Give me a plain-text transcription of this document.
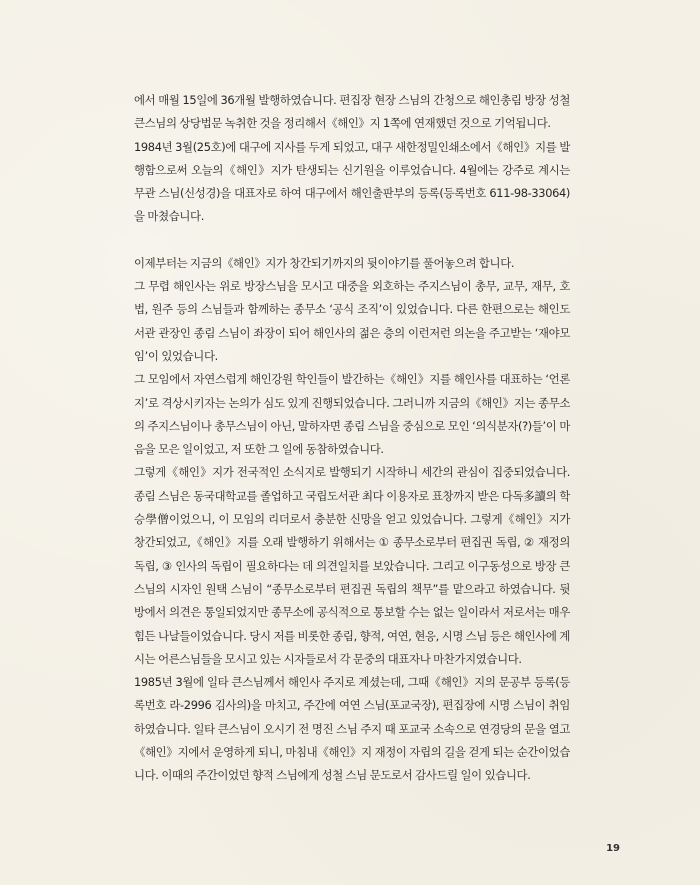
에서 매월 15일에 36개월 발행하였습니다. 편집장 현장 스님의 간청으로 해인총림 방장 성철 큰스님의 상당법문 녹취한 것을 정리해서《해인》지 1쪽에 연재했던 것으로 기억됩니다.

1984년 3월(25호)에 대구에 지사를 두게 되었고, 대구 새한정밀인쇄소에서《해인》지를 발행함으로써 오늘의《해인》지가 탄생되는 신기원을 이루었습니다. 4월에는 강주로 계시는 무관 스님(신성경)을 대표자로 하여 대구에서 해인출판부의 등록(등록번호 611-98-33064)을 마쳤습니다.

이제부터는 지금의《해인》지가 창간되기까지의 뒷이야기를 풀어놓으려 합니다.

그 무렵 해인사는 위로 방장스님을 모시고 대중을 외호하는 주지스님이 총무, 교무, 재무, 호법, 원주 등의 스님들과 함께하는 종무소 ‘공식 조직’이 있었습니다. 다른 한편으로는 해인도서관 관장인 종림 스님이 좌장이 되어 해인사의 젊은 층의 이런저런 의논을 주고받는 ‘재야모임’이 있었습니다.

그 모임에서 자연스럽게 해인강원 학인들이 발간하는《해인》지를 해인사를 대표하는 ‘언론지’로 격상시키자는 논의가 심도 있게 진행되었습니다. 그러니까 지금의《해인》지는 종무소의 주지스님이나 총무스님이 아닌, 말하자면 종림 스님을 중심으로 모인 ‘의식분자(?)들’이 마음을 모은 일이었고, 저 또한 그 일에 동참하였습니다.

그렇게《해인》지가 전국적인 소식지로 발행되기 시작하니 세간의 관심이 집중되었습니다. 종림 스님은 동국대학교를 졸업하고 국립도서관 최다 이용자로 표창까지 받은 다독多讀의 학승學僧이었으니, 이 모임의 리더로서 충분한 신망을 얻고 있었습니다. 그렇게《해인》지가 창간되었고,《해인》지를 오래 발행하기 위해서는 ① 종무소로부터 편집권 독립, ② 재정의 독립, ③ 인사의 독립이 필요하다는 데 의견일치를 보았습니다. 그리고 이구동성으로 방장 큰스님의 시자인 원택 스님이 “종무소로부터 편집권 독립의 책무”를 맡으라고 하였습니다. 뒷방에서 의견은 통일되었지만 종무소에 공식적으로 통보할 수는 없는 일이라서 저로서는 매우 힘든 나날들이었습니다. 당시 저를 비롯한 종림, 향적, 여연, 현응, 시명 스님 등은 해인사에 계시는 어른스님들을 모시고 있는 시자들로서 각 문중의 대표자나 마찬가지였습니다.

1985년 3월에 일타 큰스님께서 해인사 주지로 계셨는데, 그때《해인》지의 문공부 등록(등록번호 라-2996 김사의)을 마치고, 주간에 여연 스님(포교국장), 편집장에 시명 스님이 취임하였습니다. 일타 큰스님이 오시기 전 명진 스님 주지 때 포교국 소속으로 연경당의 문을 열고《해인》지에서 운영하게 되니, 마침내《해인》지 재정이 자립의 길을 걷게 되는 순간이었습니다. 이때의 주간이었던 향적 스님에게 성철 스님 문도로서 감사드릴 일이 있습니다.

19
